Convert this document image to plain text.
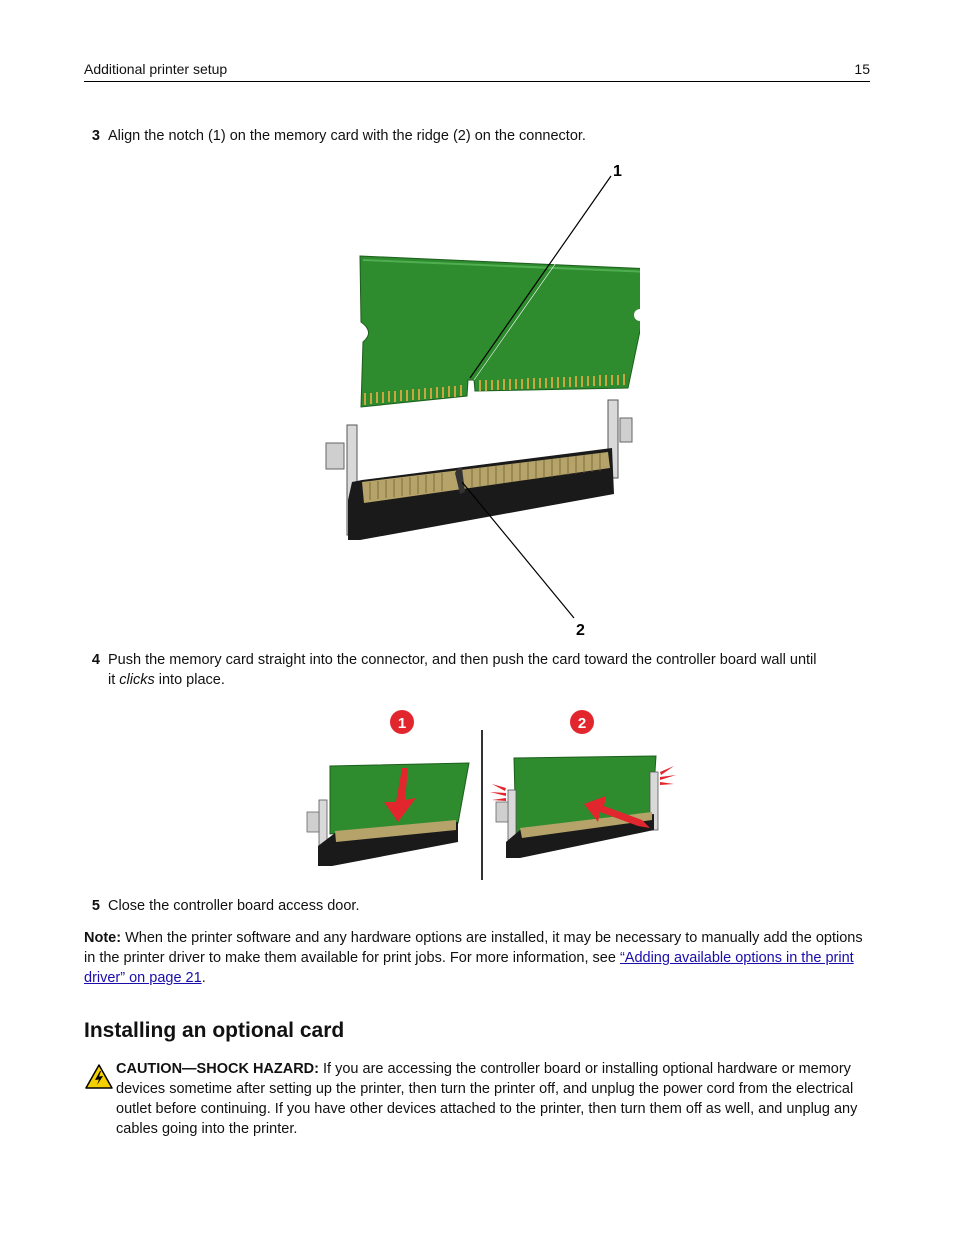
Additional printer setup	15
3 Align the notch (1) on the memory card with the ridge (2) on the connector.
1
2
4 Push the memory card straight into the connector, and then push the card toward the controller board wall until
it clicks into place.
1	2
5 Close the controller board access door.
Note: When the printer software and any hardware options are installed, it may be necessary to manually add the options in the printer driver to make them available for print jobs. For more information, see “Adding available options in the print driver” on page 21.
Installing an optional card
CAUTION—SHOCK HAZARD: If you are accessing the controller board or installing optional hardware or memory devices sometime after setting up the printer, then turn the printer off, and unplug the power cord from the electrical outlet before continuing. If you have other devices attached to the printer, then turn them off as well, and unplug any cables going into the printer.
